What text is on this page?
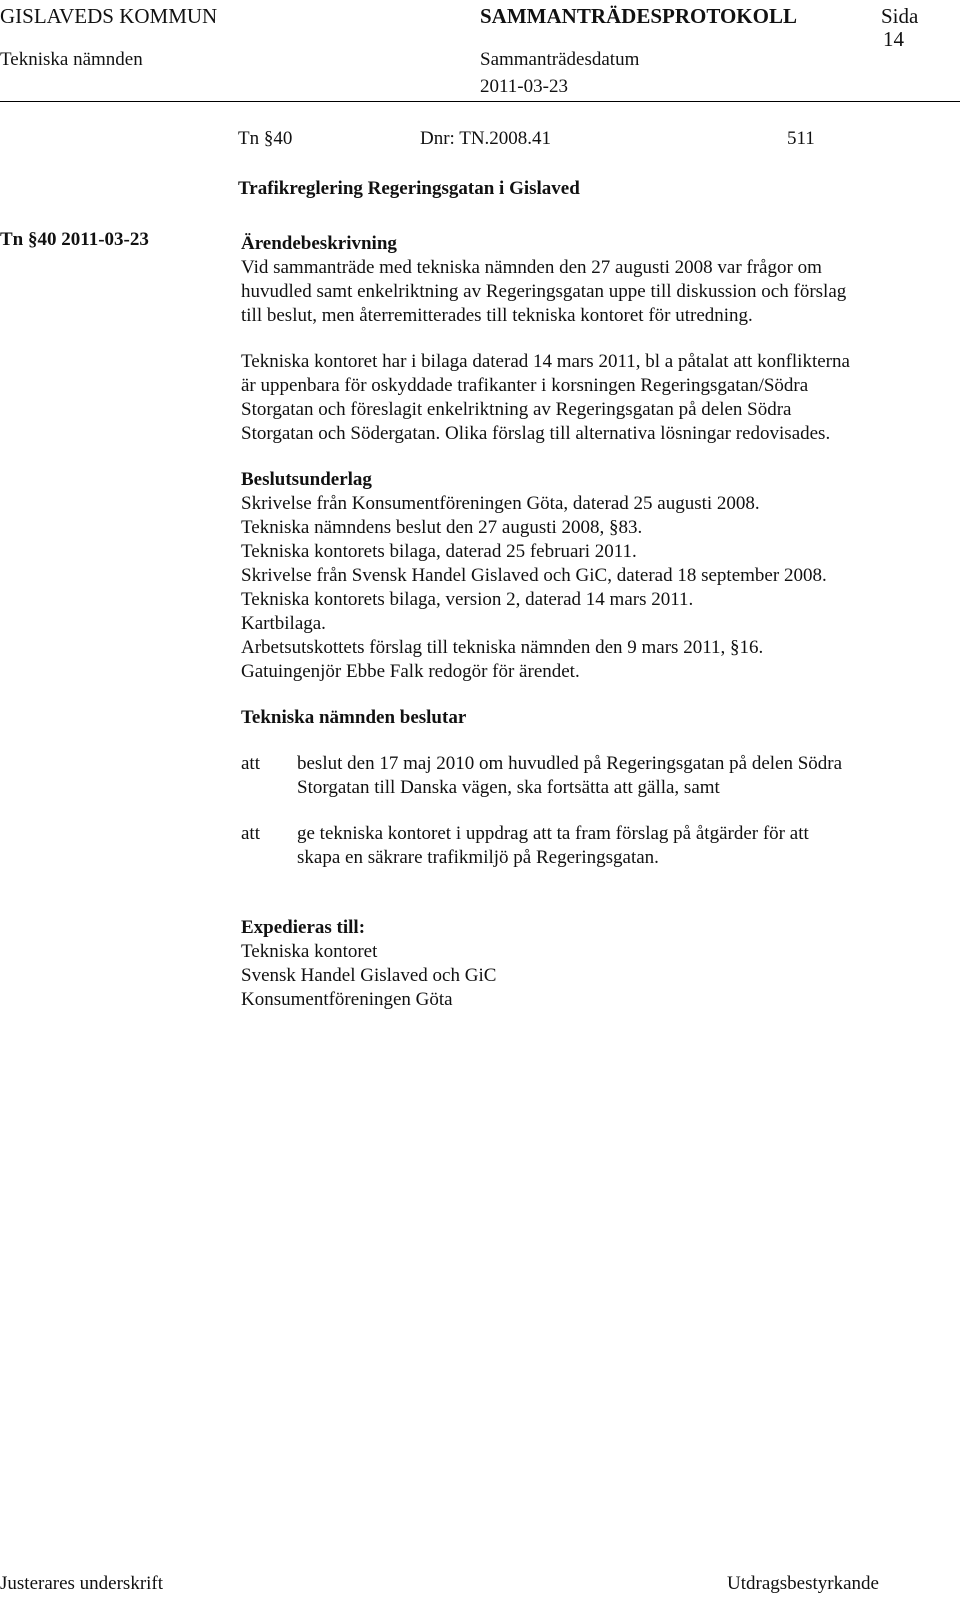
GISLAVEDS KOMMUN	SAMMANTRÄDESPROTOKOLL	Sida
14
Tekniska nämnden	Sammanträdesdatum
2011-03-23
Tn §40	Dnr: TN.2008.41	511
Trafikreglering Regeringsgatan i Gislaved
Tn §40 2011-03-23	Ärendebeskrivning

Vid sammanträde med tekniska nämnden den 27 augusti 2008 var frågor om

huvudled samt enkelriktning av Regeringsgatan uppe till diskussion och förslag

till beslut, men återremitterades till tekniska kontoret för utredning.

Tekniska kontoret har i bilaga daterad 14 mars 2011, bl a påtalat att konflikterna

är uppenbara för oskyddade trafikanter i korsningen Regeringsgatan/Södra

Storgatan och föreslagit enkelriktning av Regeringsgatan på delen Södra

Storgatan och Södergatan. Olika förslag till alternativa lösningar redovisades.

Beslutsunderlag

Skrivelse från Konsumentföreningen Göta, daterad 25 augusti 2008.
Tekniska nämndens beslut den 27 augusti 2008, §83.
Tekniska kontorets bilaga, daterad 25 februari 2011.
Skrivelse från Svensk Handel Gislaved och GiC, daterad 18 september 2008.
Tekniska kontorets bilaga, version 2, daterad 14 mars 2011.
Kartbilaga.
Arbetsutskottets förslag till tekniska nämnden den 9 mars 2011, §16.

Gatuingenjör Ebbe Falk redogör för ärendet.

Tekniska nämnden beslutar

att	beslut den 17 maj 2010 om huvudled på Regeringsgatan på delen Södra

Storgatan till Danska vägen, ska fortsätta att gälla, samt

att	ge tekniska kontoret i uppdrag att ta fram förslag på åtgärder för att

skapa en säkrare trafikmiljö på Regeringsgatan.

Expedieras till:

Tekniska kontoret

Svensk Handel Gislaved och GiC

Konsumentföreningen Göta

Justerares underskrift	Utdragsbestyrkande
